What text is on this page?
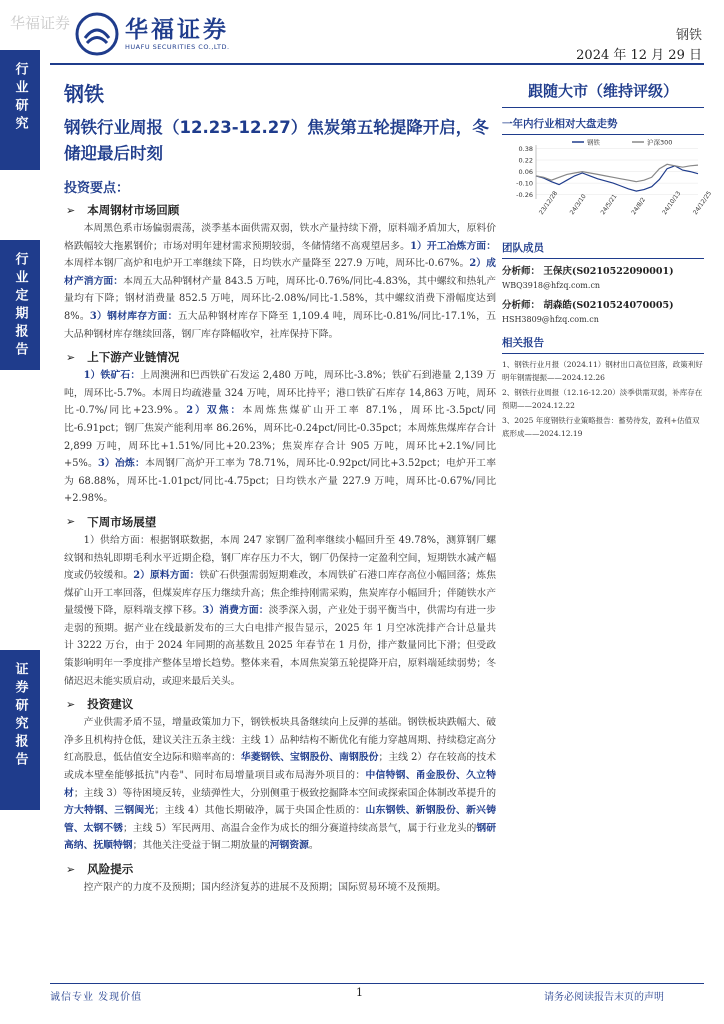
华福证券 华福证券
HUAFU SECURITIES CO.,LTD.
钢铁
2024 年 12 月 29 日
行业研究
行业定期报告
证券研究报告
钢铁
钢铁行业周报（12.23-12.27）焦炭第五轮提降开启，冬储迎最后时刻
投资要点：
➢ 本周钢材市场回顾
本周黑色系市场偏弱震荡，淡季基本面供需双弱，铁水产量持续下滑，原料端矛盾加大，原料价格跌幅较大拖累钢价；市场对明年建材需求预期较弱，冬储情绪不高观望居多。1）开工冶炼方面：本周样本钢厂高炉和电炉开工率继续下降，日均铁水产量降至 227.9 万吨，周环比-0.67%。2）成材产消方面：本周五大品种钢材产量 843.5 万吨，周环比-0.76%/同比-4.83%，其中螺纹和热轧产量均有下降；钢材消费量 852.5 万吨，周环比-2.08%/同比-1.58%，其中螺纹消费下滑幅度达到 8%。3）钢材库存方面：五大品种钢材库存下降至 1,109.4 吨，周环比-0.81%/同比-17.1%，五大品种钢材库存继续回落，钢厂库存降幅收窄，社库保持下降。
➢ 上下游产业链情况
1）铁矿石：上周澳洲和巴西铁矿石发运 2,480 万吨，周环比-3.8%；铁矿石到港量 2,139 万吨，周环比-5.7%。本周日均疏港量 324 万吨，周环比持平；港口铁矿石库存 14,863 万吨，周环比-0.7%/同比+23.9%。2）双焦：本周炼焦煤矿山开工率 87.1%，周环比-3.5pct/同比-6.91pct；钢厂焦炭产能利用率 86.26%，周环比-0.24pct/同比-0.35pct；本周炼焦煤库存合计 2,899 万吨，周环比+1.51%/同比+20.23%；焦炭库存合计 905 万吨，周环比+2.1%/同比+5%。3）冶炼：本周钢厂高炉开工率为 78.71%，周环比-0.92pct/同比+3.52pct；电炉开工率为 68.88%，周环比-1.01pct/同比-4.75pct；日均铁水产量 227.9 万吨，周环比-0.67%/同比+2.98%。
➢ 下周市场展望
1）供给方面：根据钢联数据，本周 247 家钢厂盈利率继续小幅回升至 49.78%，测算钢厂螺纹钢和热轧即期毛利水平近期企稳，钢厂库存压力不大，钢厂仍保持一定盈利空间，短期铁水减产幅度或仍较缓和。2）原料方面：铁矿石供强需弱短期难改，本周铁矿石港口库存高位小幅回落；炼焦煤矿山开工率回落，但煤炭库存压力继续升高；焦企维持刚需采购，焦炭库存小幅回升；伴随铁水产量缓慢下降，原料端支撑下移。3）消费方面：淡季深入弱，产业处于弱平衡当中，供需均有进一步走弱的预期。据产业在线最新发布的三大白电排产报告显示，2025 年 1 月空冰洗排产合计总量共计 3222 万台，由于 2024 年同期的高基数且 2025 年春节在 1 月份，排产数量同比下滑；但受政策影响明年一季度排产整体呈增长趋势。整体来看，本周焦炭第五轮提降开启，原料端延续弱势；冬储迟迟未能实质启动，或迎来最后关头。
➢ 投资建议
产业供需矛盾不显，增量政策加力下，钢铁板块具备继续向上反弹的基础。钢铁板块跌幅大、破净多且机构持仓低，建议关注五条主线：主线 1）品种结构不断优化有能力穿越周期、持续稳定高分红高股息，低估值安全边际和赔率高的：华菱钢铁、宝钢股份、南钢股份；主线 2）存在较高的技术或成本壁垒能够抵抗"内卷"、同时布局增量项目或布局海外项目的：中信特钢、甬金股份、久立特材；主线 3）等待困境反转，业绩弹性大，分别侧重于极致挖掘降本空间或探索国企体制改革提升的方大特钢、三钢闽光；主线 4）其他长期破净，属于央国企性质的：山东钢铁、新钢股份、新兴铸管、太钢不锈；主线 5）军民两用、高温合金作为成长的细分赛道持续高景气，属于行业龙头的钢研高纳、抚顺特钢；其他关注受益于铜二期放量的河钢资源。
➢ 风险提示
控产限产的力度不及预期；国内经济复苏的进展不及预期；国际贸易环境不及预期。
跟随大市（维持评级）
一年内行业相对大盘走势
0.38
0.22
0.06
-0.10
-0.26 23/12/28 24/3/10 24/5/21 24/8/2 24/10/13 24/12/25
钢铁	沪深300
团队成员
分析师： 王保庆(S0210522090001)
WBQ3918@hfzq.com.cn
分析师： 胡森皓(S0210524070005)
HSH3809@hfzq.com.cn
相关报告
1、钢铁行业月报（2024.11）钢材出口高位回落，政策利好明年钢需提振——2024.12.26
2、钢铁行业周报（12.16-12.20）淡季供需双弱，补库存在预期——2024.12.22
3、2025 年度钢铁行业策略报告：蓄势待发，盈利+估值双底形成——2024.12.19
诚信专业 发现价值	1	请务必阅读报告末页的声明
